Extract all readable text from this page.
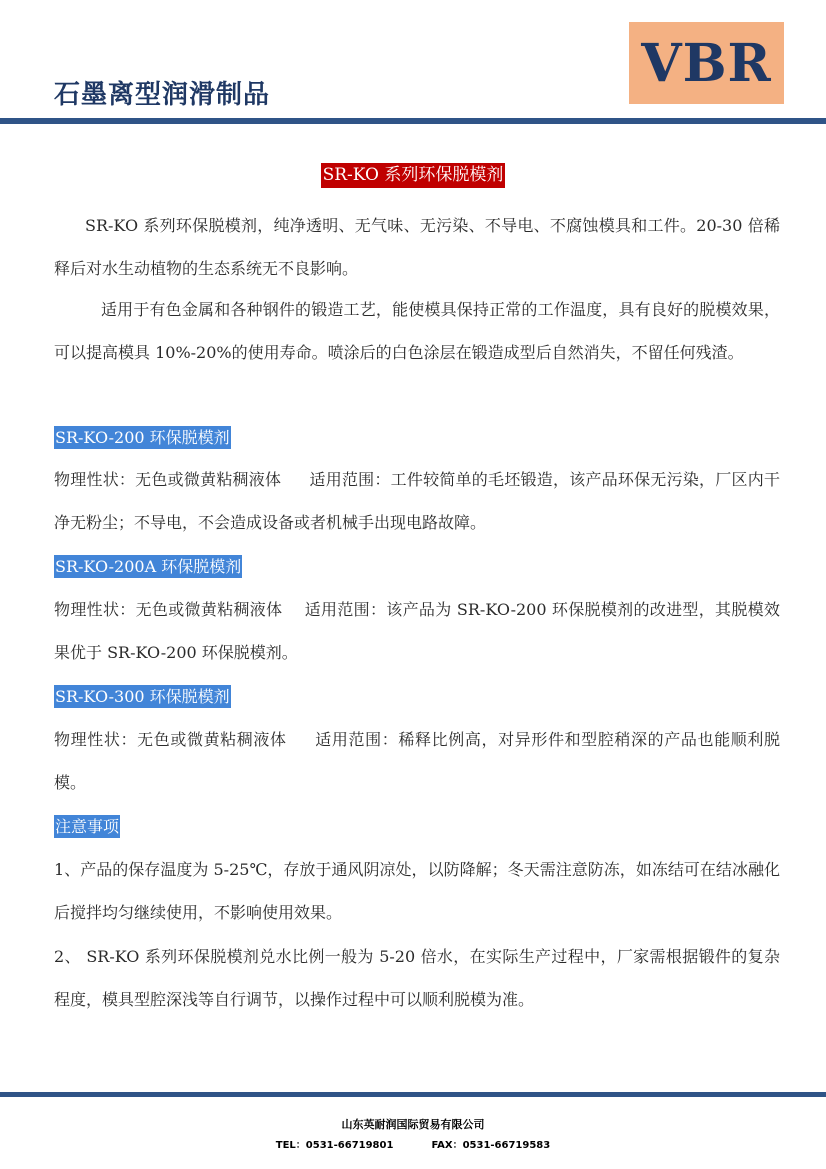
石墨离型润滑制品
VBR
SR-KO 系列环保脱模剂

SR-KO 系列环保脱模剂，纯净透明、无气味、无污染、不导电、不腐蚀模具和工件。20-30 倍稀释后对水生动植物的生态系统无不良影响。

适用于有色金属和各种钢件的锻造工艺，能使模具保持正常的工作温度，具有良好的脱模效果，可以提高模具 10%-20%的使用寿命。喷涂后的白色涂层在锻造成型后自然消失，不留任何残渣。

SR-KO-200 环保脱模剂

物理性状：无色或微黄粘稠液体 适用范围：工件较简单的毛坯锻造，该产品环保无污染，厂区内干净无粉尘；不导电，不会造成设备或者机械手出现电路故障。

SR-KO-200A 环保脱模剂

物理性状：无色或微黄粘稠液体 适用范围：该产品为 SR-KO-200 环保脱模剂的改进型，其脱模效果优于 SR-KO-200 环保脱模剂。

SR-KO-300 环保脱模剂

物理性状：无色或微黄粘稠液体 适用范围：稀释比例高，对异形件和型腔稍深的产品也能顺利脱模。

注意事项

1、产品的保存温度为 5-25℃，存放于通风阴凉处，以防降解；冬天需注意防冻，如冻结可在结冰融化后搅拌均匀继续使用，不影响使用效果。

2、 SR-KO 系列环保脱模剂兑水比例一般为 5-20 倍水，在实际生产过程中，厂家需根据锻件的复杂程度，模具型腔深浅等自行调节，以操作过程中可以顺利脱模为准。

山东英耐润国际贸易有限公司
TEL：0531-66719801	FAX：0531-66719583
